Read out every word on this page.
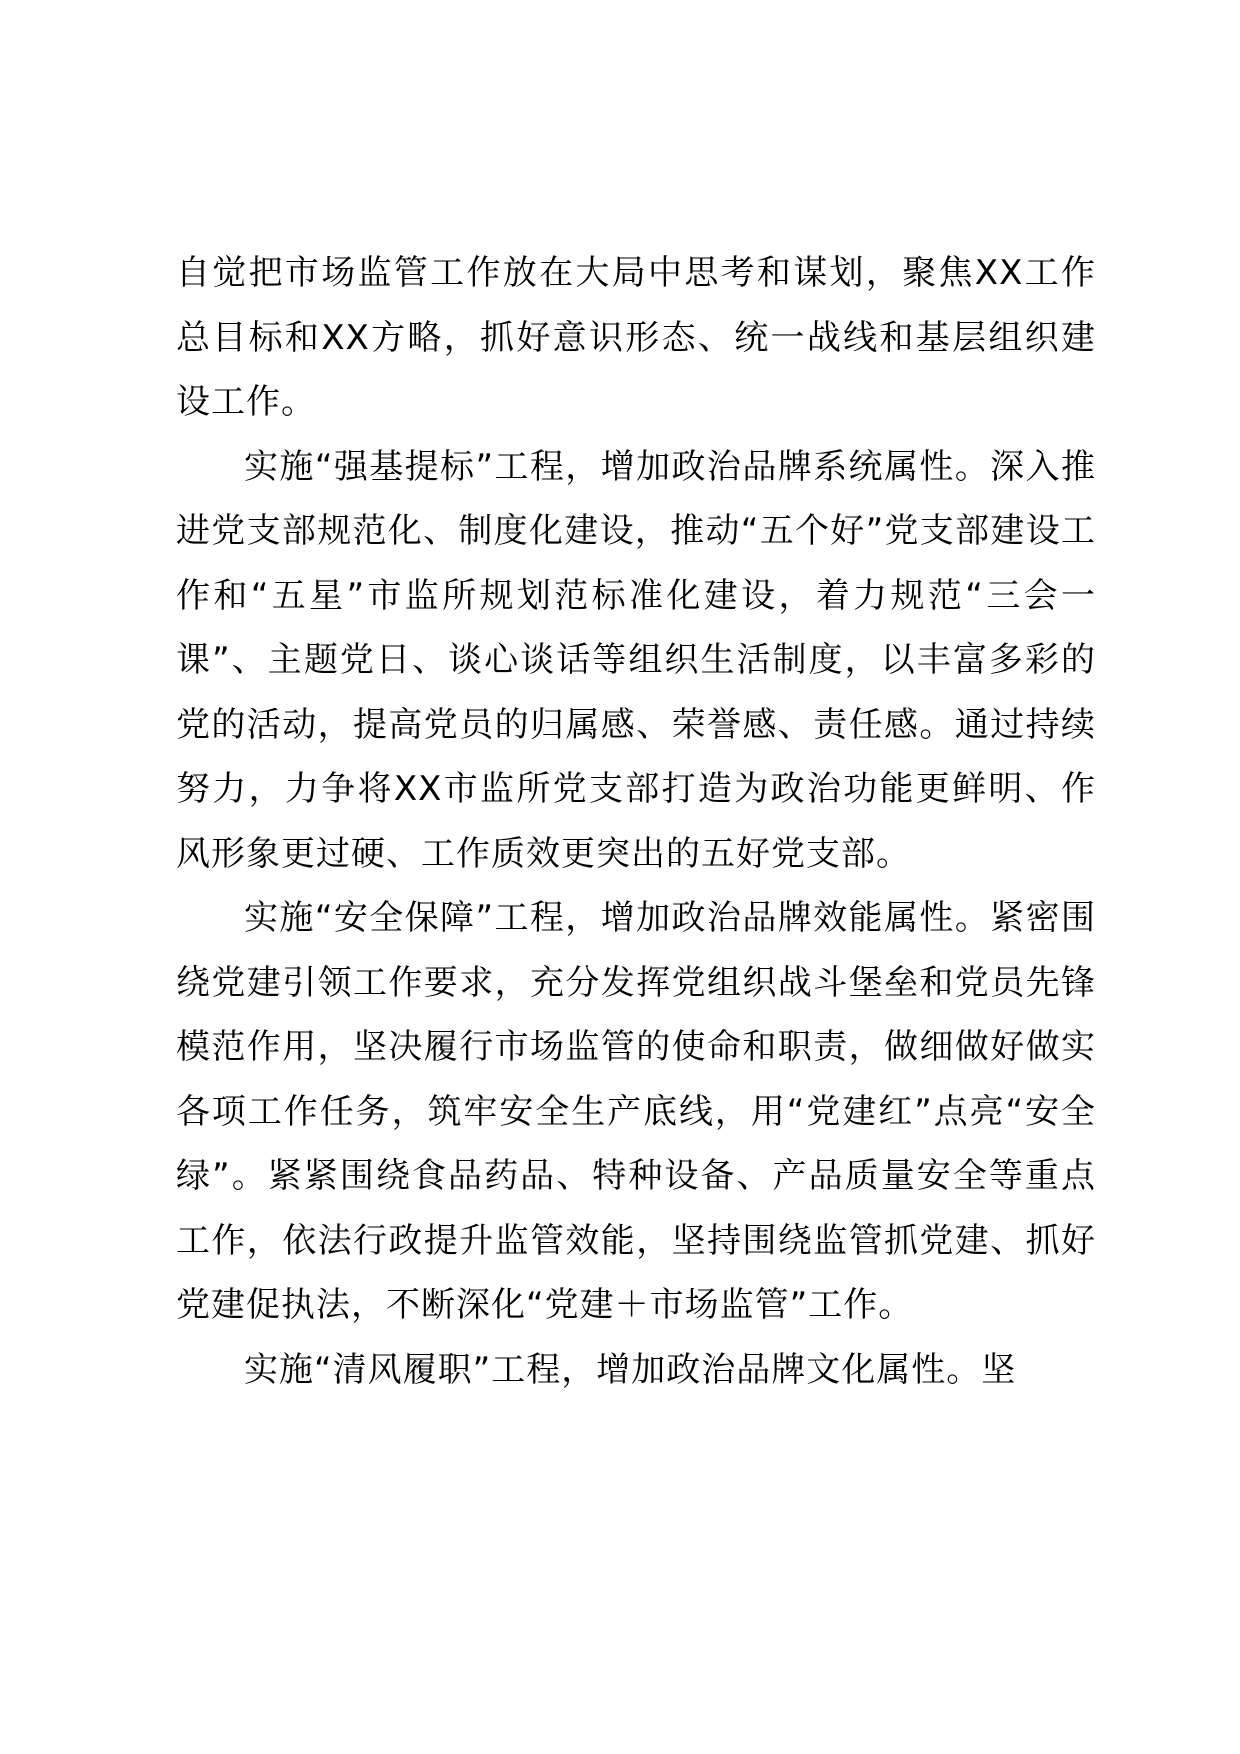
自觉把市场监管工作放在大局中思考和谋划，聚焦XX工作总目标和XX方略，抓好意识形态、统一战线和基层组织建设工作。

实施“强基提标”工程，增加政治品牌系统属性。深入推进党支部规范化、制度化建设，推动“五个好”党支部建设工作和“五星”市监所规划范标准化建设，着力规范“三会一课”、主题党日、谈心谈话等组织生活制度，以丰富多彩的党的活动，提高党员的归属感、荣誉感、责任感。通过持续努力，力争将XX市监所党支部打造为政治功能更鲜明、作风形象更过硬、工作质效更突出的五好党支部。

实施“安全保障”工程，增加政治品牌效能属性。紧密围绕党建引领工作要求，充分发挥党组织战斗堡垒和党员先锋模范作用，坚决履行市场监管的使命和职责，做细做好做实各项工作任务，筑牢安全生产底线，用“党建红”点亮“安全绿”。紧紧围绕食品药品、特种设备、产品质量安全等重点工作，依法行政提升监管效能，坚持围绕监管抓党建、抓好党建促执法，不断深化“党建＋市场监管”工作。

实施“清风履职”工程，增加政治品牌文化属性。坚
